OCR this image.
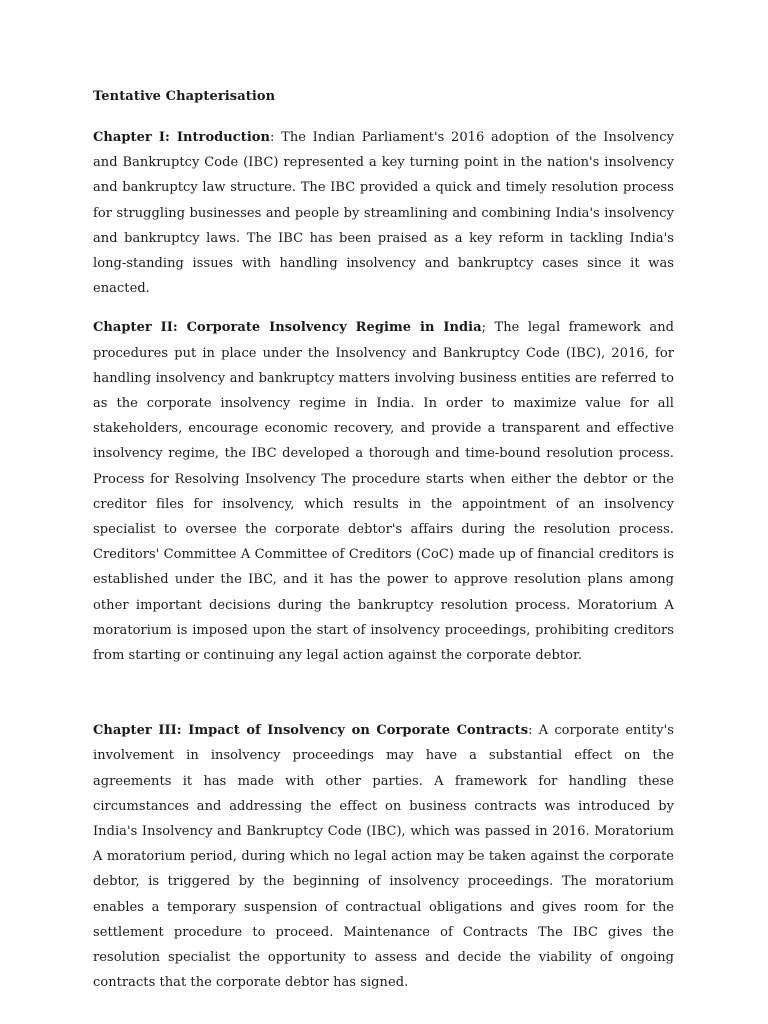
Tentative Chapterisation

Chapter I: Introduction: The Indian Parliament's 2016 adoption of the Insolvency and Bankruptcy Code (IBC) represented a key turning point in the nation's insolvency and bankruptcy law structure. The IBC provided a quick and timely resolution process for struggling businesses and people by streamlining and combining India's insolvency and bankruptcy laws. The IBC has been praised as a key reform in tackling India's long-standing issues with handling insolvency and bankruptcy cases since it was enacted.

Chapter II: Corporate Insolvency Regime in India; The legal framework and procedures put in place under the Insolvency and Bankruptcy Code (IBC), 2016, for handling insolvency and bankruptcy matters involving business entities are referred to as the corporate insolvency regime in India. In order to maximize value for all stakeholders, encourage economic recovery, and provide a transparent and effective insolvency regime, the IBC developed a thorough and time-bound resolution process. Process for Resolving Insolvency The procedure starts when either the debtor or the creditor files for insolvency, which results in the appointment of an insolvency specialist to oversee the corporate debtor's affairs during the resolution process. Creditors' Committee A Committee of Creditors (CoC) made up of financial creditors is established under the IBC, and it has the power to approve resolution plans among other important decisions during the bankruptcy resolution process. Moratorium A moratorium is imposed upon the start of insolvency proceedings, prohibiting creditors from starting or continuing any legal action against the corporate debtor.

Chapter III: Impact of Insolvency on Corporate Contracts: A corporate entity's involvement in insolvency proceedings may have a substantial effect on the agreements it has made with other parties. A framework for handling these circumstances and addressing the effect on business contracts was introduced by India's Insolvency and Bankruptcy Code (IBC), which was passed in 2016. Moratorium A moratorium period, during which no legal action may be taken against the corporate debtor, is triggered by the beginning of insolvency proceedings. The moratorium enables a temporary suspension of contractual obligations and gives room for the settlement procedure to proceed. Maintenance of Contracts The IBC gives the resolution specialist the opportunity to assess and decide the viability of ongoing contracts that the corporate debtor has signed.
